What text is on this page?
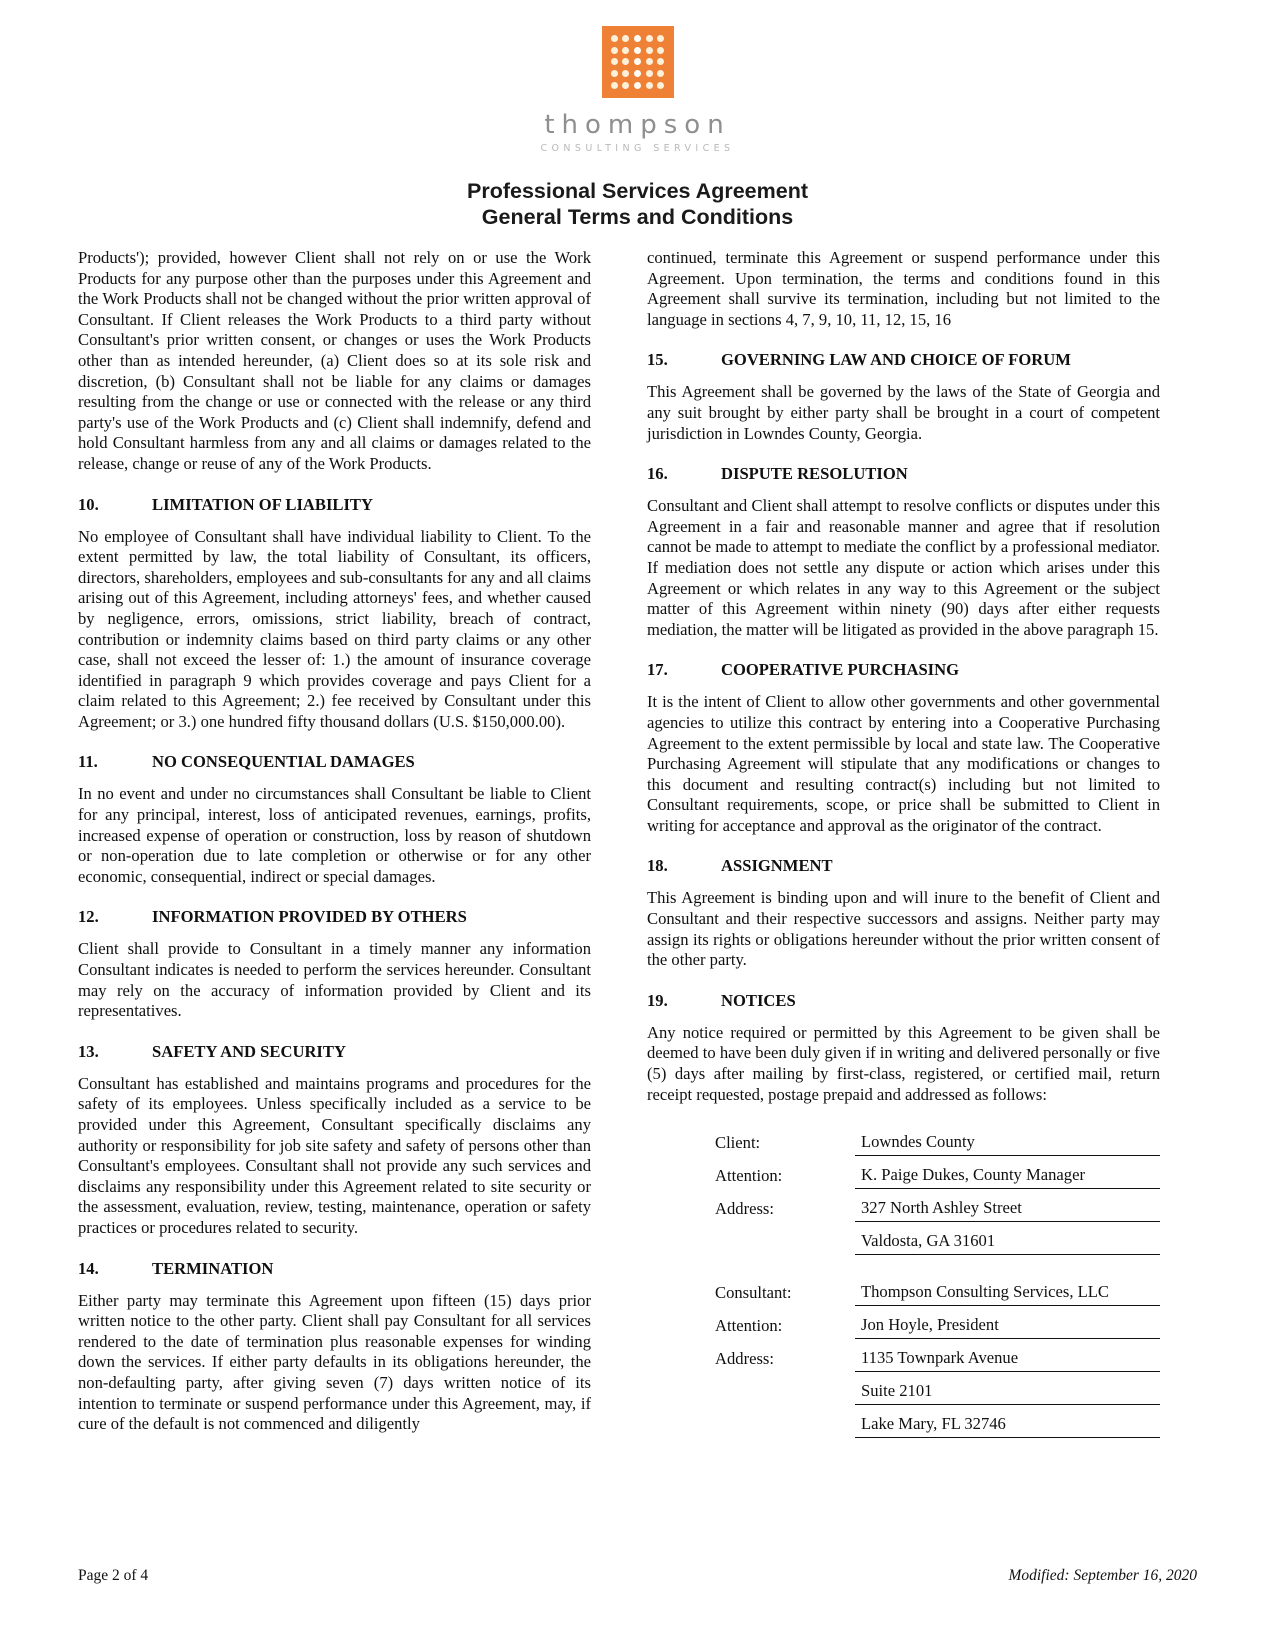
thompson
CONSULTING SERVICES
Professional Services Agreement
General Terms and Conditions

Products'); provided, however Client shall not rely on or use the Work Products for any purpose other than the purposes under this Agreement and the Work Products shall not be changed without the prior written approval of Consultant. If Client releases the Work Products to a third party without Consultant's prior written consent, or changes or uses the Work Products other than as intended hereunder, (a) Client does so at its sole risk and discretion, (b) Consultant shall not be liable for any claims or damages resulting from the change or use or connected with the release or any third party's use of the Work Products and (c) Client shall indemnify, defend and hold Consultant harmless from any and all claims or damages related to the release, change or reuse of any of the Work Products.

10.	LIMITATION OF LIABILITY

No employee of Consultant shall have individual liability to Client. To the extent permitted by law, the total liability of Consultant, its officers, directors, shareholders, employees and sub-consultants for any and all claims arising out of this Agreement, including attorneys' fees, and whether caused by negligence, errors, omissions, strict liability, breach of contract, contribution or indemnity claims based on third party claims or any other case, shall not exceed the lesser of: 1.) the amount of insurance coverage identified in paragraph 9 which provides coverage and pays Client for a claim related to this Agreement; 2.) fee received by Consultant under this Agreement; or 3.) one hundred fifty thousand dollars (U.S. $150,000.00).

11.	NO CONSEQUENTIAL DAMAGES

In no event and under no circumstances shall Consultant be liable to Client for any principal, interest, loss of anticipated revenues, earnings, profits, increased expense of operation or construction, loss by reason of shutdown or non-operation due to late completion or otherwise or for any other economic, consequential, indirect or special damages.

12.	INFORMATION PROVIDED BY OTHERS

Client shall provide to Consultant in a timely manner any information Consultant indicates is needed to perform the services hereunder. Consultant may rely on the accuracy of information provided by Client and its representatives.

13.	SAFETY AND SECURITY

Consultant has established and maintains programs and procedures for the safety of its employees. Unless specifically included as a service to be provided under this Agreement, Consultant specifically disclaims any authority or responsibility for job site safety and safety of persons other than Consultant's employees. Consultant shall not provide any such services and disclaims any responsibility under this Agreement related to site security or the assessment, evaluation, review, testing, maintenance, operation or safety practices or procedures related to security.

14.	TERMINATION

Either party may terminate this Agreement upon fifteen (15) days prior written notice to the other party. Client shall pay Consultant for all services rendered to the date of termination plus reasonable expenses for winding down the services. If either party defaults in its obligations hereunder, the non-defaulting party, after giving seven (7) days written notice of its intention to terminate or suspend performance under this Agreement, may, if cure of the default is not commenced and diligently

continued, terminate this Agreement or suspend performance under this Agreement. Upon termination, the terms and conditions found in this Agreement shall survive its termination, including but not limited to the language in sections 4, 7, 9, 10, 11, 12, 15, 16

15.	GOVERNING LAW AND CHOICE OF FORUM

This Agreement shall be governed by the laws of the State of Georgia and any suit brought by either party shall be brought in a court of competent jurisdiction in Lowndes County, Georgia.

16.	DISPUTE RESOLUTION

Consultant and Client shall attempt to resolve conflicts or disputes under this Agreement in a fair and reasonable manner and agree that if resolution cannot be made to attempt to mediate the conflict by a professional mediator. If mediation does not settle any dispute or action which arises under this Agreement or which relates in any way to this Agreement or the subject matter of this Agreement within ninety (90) days after either requests mediation, the matter will be litigated as provided in the above paragraph 15.

17.	COOPERATIVE PURCHASING

It is the intent of Client to allow other governments and other governmental agencies to utilize this contract by entering into a Cooperative Purchasing Agreement to the extent permissible by local and state law. The Cooperative Purchasing Agreement will stipulate that any modifications or changes to this document and resulting contract(s) including but not limited to Consultant requirements, scope, or price shall be submitted to Client in writing for acceptance and approval as the originator of the contract.

18.	ASSIGNMENT

This Agreement is binding upon and will inure to the benefit of Client and Consultant and their respective successors and assigns. Neither party may assign its rights or obligations hereunder without the prior written consent of the other party.

19.	NOTICES

Any notice required or permitted by this Agreement to be given shall be deemed to have been duly given if in writing and delivered personally or five (5) days after mailing by first-class, registered, or certified mail, return receipt requested, postage prepaid and addressed as follows:

Client:	Lowndes County
Attention:	K. Paige Dukes, County Manager
Address:	327 North Ashley Street
Valdosta, GA 31601
Consultant:	Thompson Consulting Services, LLC
Attention:	Jon Hoyle, President
Address:	1135 Townpark Avenue
Suite 2101
Lake Mary, FL 32746
Page 2 of 4	Modified: September 16, 2020
